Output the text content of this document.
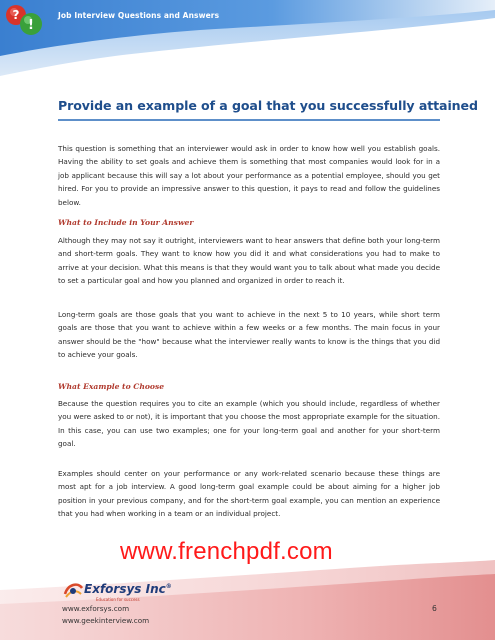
Job Interview Questions and Answers
?
!
Provide an example of a goal that you successfully attained

This question is something that an interviewer would ask in order to know how well you establish goals. Having the ability to set goals and achieve them is something that most companies would look for in a job applicant because this will say a lot about your performance as a potential employee, should you get hired. For you to provide an impressive answer to this question, it pays to read and follow the guidelines below.

What to Include in Your Answer

Although they may not say it outright, interviewers want to hear answers that define both your long-term and short-term goals. They want to know how you did it and what considerations you had to make to arrive at your decision. What this means is that they would want you to talk about what made you decide to set a particular goal and how you planned and organized in order to reach it.

Long-term goals are those goals that you want to achieve in the next 5 to 10 years, while short term goals are those that you want to achieve within a few weeks or a few months. The main focus in your answer should be the "how" because what the interviewer really wants to know is the things that you did to achieve your goals.

What Example to Choose

Because the question requires you to cite an example (which you should include, regardless of whether you were asked to or not), it is important that you choose the most appropriate example for the situation. In this case, you can use two examples; one for your long-term goal and another for your short-term goal.

Examples should center on your performance or any work-related scenario because these things are most apt for a job interview. A good long-term goal example could be about aiming for a higher job position in your previous company, and for the short-term goal example, you can mention an experience that you had when working in a team or an individual project.

www.frenchpdf.com
Exforsys Inc®
Education for success
www.exforsys.com
www.geekinterview.com
6
